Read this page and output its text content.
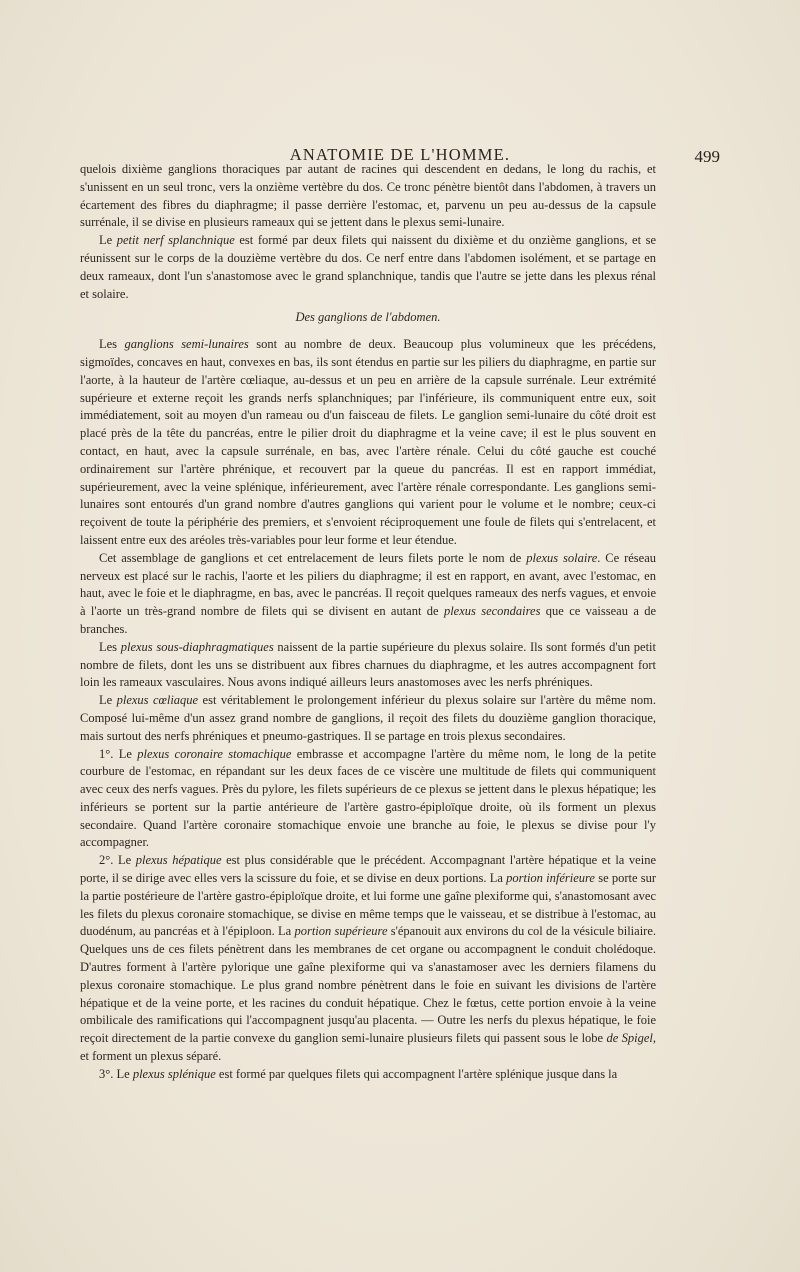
ANATOMIE DE L'HOMME.	499

quelois dixième ganglions thoraciques par autant de racines qui descendent en dedans, le long du rachis, et s'unissent en un seul tronc, vers la onzième vertèbre du dos. Ce tronc pénètre bientôt dans l'abdomen, à travers un écartement des fibres du diaphragme; il passe derrière l'estomac, et, parvenu un peu au-dessus de la capsule surrénale, il se divise en plusieurs rameaux qui se jettent dans le plexus semi-lunaire.

Le petit nerf splanchnique est formé par deux filets qui naissent du dixième et du onzième ganglions, et se réunissent sur le corps de la douzième vertèbre du dos. Ce nerf entre dans l'abdomen isolément, et se partage en deux rameaux, dont l'un s'anastomose avec le grand splanchnique, tandis que l'autre se jette dans les plexus rénal et solaire.

Des ganglions de l'abdomen.

Les ganglions semi-lunaires sont au nombre de deux. Beaucoup plus volumineux que les précédens, sigmoïdes, concaves en haut, convexes en bas, ils sont étendus en partie sur les piliers du diaphragme, en partie sur l'aorte, à la hauteur de l'artère cœliaque, au-dessus et un peu en arrière de la capsule surrénale. Leur extrémité supérieure et externe reçoit les grands nerfs splanchniques; par l'inférieure, ils communiquent entre eux, soit immédiatement, soit au moyen d'un rameau ou d'un faisceau de filets. Le ganglion semi-lunaire du côté droit est placé près de la tête du pancréas, entre le pilier droit du diaphragme et la veine cave; il est le plus souvent en contact, en haut, avec la capsule surrénale, en bas, avec l'artère rénale. Celui du côté gauche est couché ordinairement sur l'artère phrénique, et recouvert par la queue du pancréas. Il est en rapport immédiat, supérieurement, avec la veine splénique, inférieurement, avec l'artère rénale correspondante. Les ganglions semi-lunaires sont entourés d'un grand nombre d'autres ganglions qui varient pour le volume et le nombre; ceux-ci reçoivent de toute la périphérie des premiers, et s'envoient réciproquement une foule de filets qui s'entrelacent, et laissent entre eux des aréoles très-variables pour leur forme et leur étendue.

Cet assemblage de ganglions et cet entrelacement de leurs filets porte le nom de plexus solaire. Ce réseau nerveux est placé sur le rachis, l'aorte et les piliers du diaphragme; il est en rapport, en avant, avec l'estomac, en haut, avec le foie et le diaphragme, en bas, avec le pancréas. Il reçoit quelques rameaux des nerfs vagues, et envoie à l'aorte un très-grand nombre de filets qui se divisent en autant de plexus secondaires que ce vaisseau a de branches.

Les plexus sous-diaphragmatiques naissent de la partie supérieure du plexus solaire. Ils sont formés d'un petit nombre de filets, dont les uns se distribuent aux fibres charnues du diaphragme, et les autres accompagnent fort loin les rameaux vasculaires. Nous avons indiqué ailleurs leurs anastomoses avec les nerfs phréniques.

Le plexus cœliaque est véritablement le prolongement inférieur du plexus solaire sur l'artère du même nom. Composé lui-même d'un assez grand nombre de ganglions, il reçoit des filets du douzième ganglion thoracique, mais surtout des nerfs phréniques et pneumo-gastriques. Il se partage en trois plexus secondaires.

1°. Le plexus coronaire stomachique embrasse et accompagne l'artère du même nom, le long de la petite courbure de l'estomac, en répandant sur les deux faces de ce viscère une multitude de filets qui communiquent avec ceux des nerfs vagues. Près du pylore, les filets supérieurs de ce plexus se jettent dans le plexus hépatique; les inférieurs se portent sur la partie antérieure de l'artère gastro-épiploïque droite, où ils forment un plexus secondaire. Quand l'artère coronaire stomachique envoie une branche au foie, le plexus se divise pour l'y accompagner.

2°. Le plexus hépatique est plus considérable que le précédent. Accompagnant l'artère hépatique et la veine porte, il se dirige avec elles vers la scissure du foie, et se divise en deux portions. La portion inférieure se porte sur la partie postérieure de l'artère gastro-épiploïque droite, et lui forme une gaîne plexiforme qui, s'anastomosant avec les filets du plexus coronaire stomachique, se divise en même temps que le vaisseau, et se distribue à l'estomac, au duodénum, au pancréas et à l'épiploon. La portion supérieure s'épanouit aux environs du col de la vésicule biliaire. Quelques uns de ces filets pénètrent dans les membranes de cet organe ou accompagnent le conduit cholédoque. D'autres forment à l'artère pylorique une gaîne plexiforme qui va s'anastamoser avec les derniers filamens du plexus coronaire stomachique. Le plus grand nombre pénètrent dans le foie en suivant les divisions de l'artère hépatique et de la veine porte, et les racines du conduit hépatique. Chez le fœtus, cette portion envoie à la veine ombilicale des ramifications qui l'accompagnent jusqu'au placenta. — Outre les nerfs du plexus hépatique, le foie reçoit directement de la partie convexe du ganglion semi-lunaire plusieurs filets qui passent sous le lobe de Spigel, et forment un plexus séparé.

3°. Le plexus splénique est formé par quelques filets qui accompagnent l'artère splénique jusque dans la
